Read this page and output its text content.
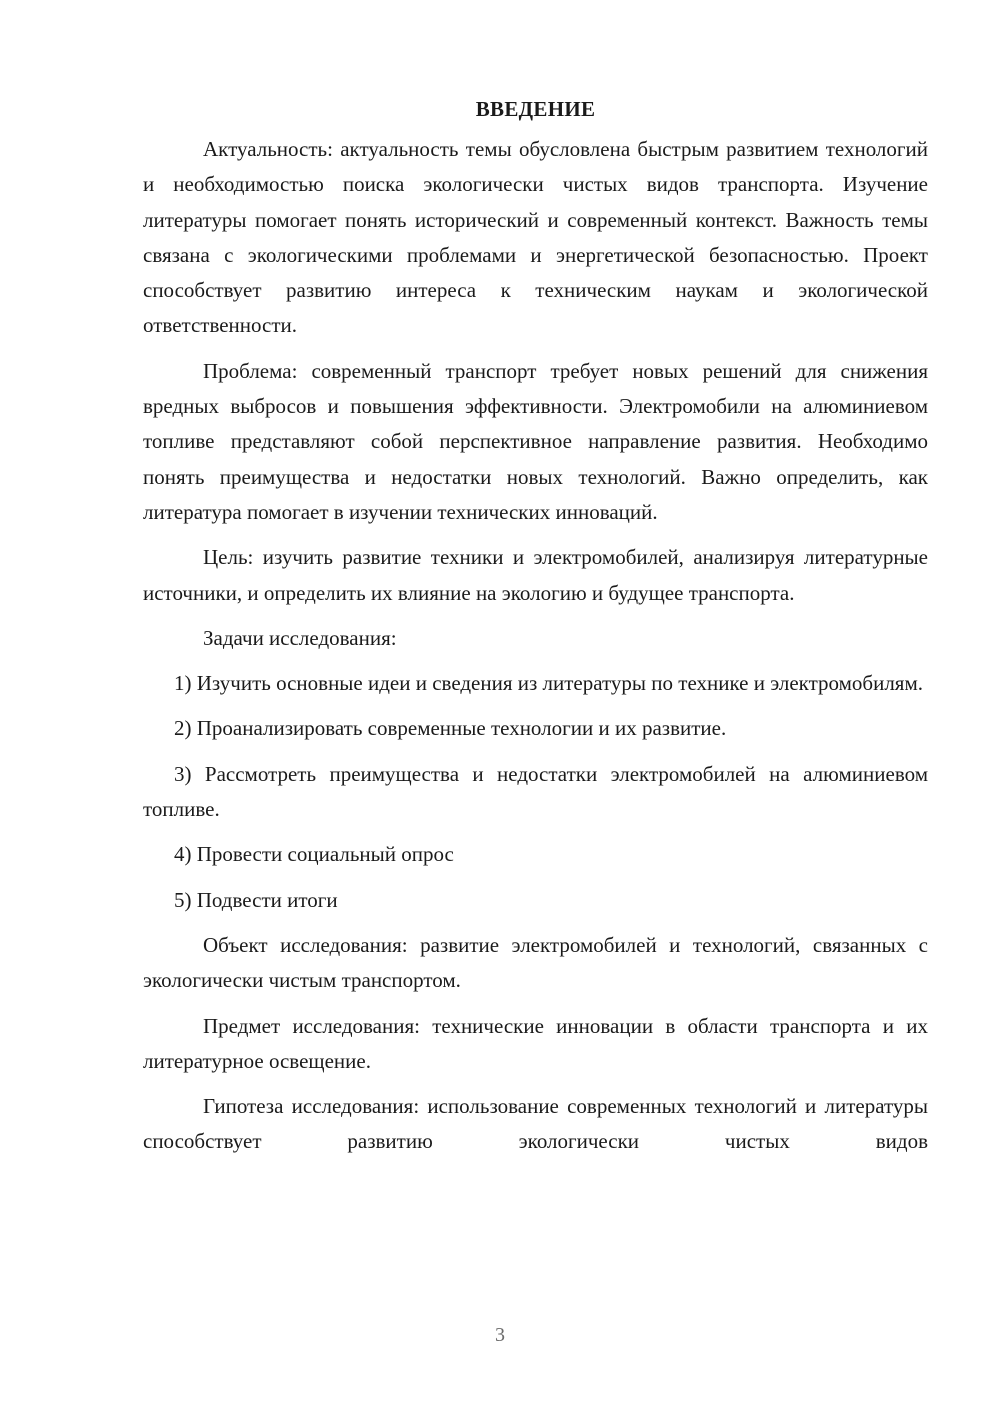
ВВЕДЕНИЕ

Актуальность: актуальность темы обусловлена быстрым развитием технологий и необходимостью поиска экологически чистых видов транспорта. Изучение литературы помогает понять исторический и современный контекст. Важность темы связана с экологическими проблемами и энергетической безопасностью. Проект способствует развитию интереса к техническим наукам и экологической ответственности.

Проблема: современный транспорт требует новых решений для снижения вредных выбросов и повышения эффективности. Электромобили на алюминиевом топливе представляют собой перспективное направление развития. Необходимо понять преимущества и недостатки новых технологий. Важно определить, как литература помогает в изучении технических инноваций.

Цель: изучить развитие техники и электромобилей, анализируя литературные источники, и определить их влияние на экологию и будущее транспорта.

Задачи исследования:

1) Изучить основные идеи и сведения из литературы по технике и электромобилям.

2) Проанализировать современные технологии и их развитие.

3) Рассмотреть преимущества и недостатки электромобилей на алюминиевом топливе.

4) Провести социальный опрос

5) Подвести итоги

Объект исследования: развитие электромобилей и технологий, связанных с экологически чистым транспортом.

Предмет исследования: технические инновации в области транспорта и их литературное освещение.

Гипотеза исследования: использование современных технологий и литературы способствует развитию экологически чистых видов

3
